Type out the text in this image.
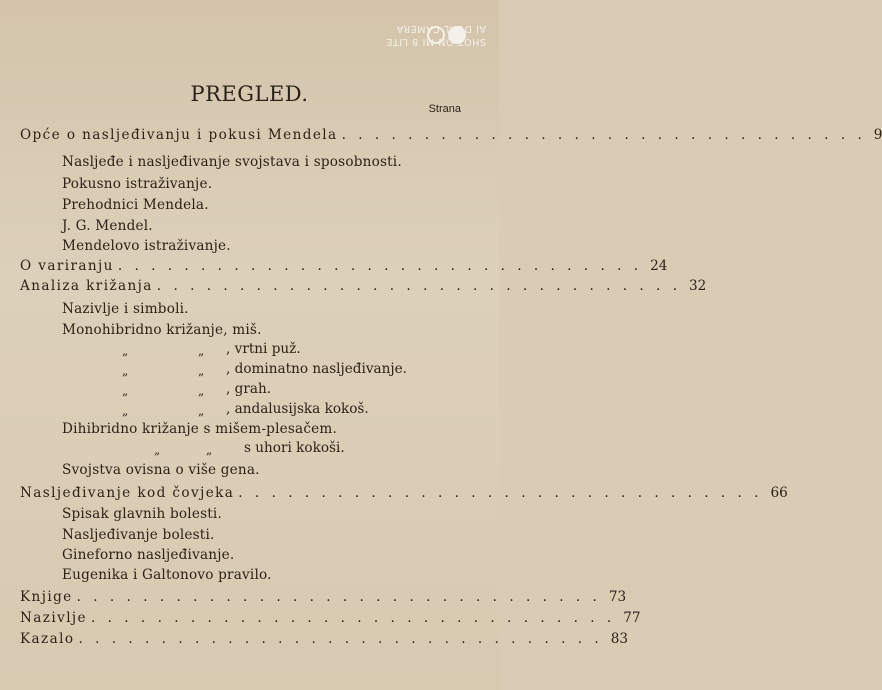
SHOT ON MI 8 LITE
AI DUAL CAMERA
PREGLED.
Strana
Opće o nasljeđivanju i pokusi Mendela . . . . . . . . . . . . . . . . . . . . . . . . . . . . . . . . 9
Nasljeđe i nasljeđivanje svojstava i sposobnosti.
Pokusno istraživanje.
Prehodnici Mendela.
J. G. Mendel.
Mendelovo istraživanje.
O variranju . . . . . . . . . . . . . . . . . . . . . . . . . . . . . . . . 24
Analiza križanja . . . . . . . . . . . . . . . . . . . . . . . . . . . . . . . . 32
Nazivlje i simboli.
Monohibridno križanje, miš.
„	„ , vrtni puž.
„	„ , dominatno nasljeđivanje.
„	„ , grah.
„	„ , andalusijska kokoš.
Dihibridno križanje s mišem-plesačem.
„	„ s uhori kokoši.
Svojstva ovisna o više gena.
Nasljeđivanje kod čovjeka . . . . . . . . . . . . . . . . . . . . . . . . . . . . . . . . 66
Spisak glavnih bolesti.
Nasljeđivanje bolesti.
Gineforno nasljeđivanje.
Eugenika i Galtonovo pravilo.
Knjige . . . . . . . . . . . . . . . . . . . . . . . . . . . . . . . . 73
Nazivlje . . . . . . . . . . . . . . . . . . . . . . . . . . . . . . . . 77
Kazalo . . . . . . . . . . . . . . . . . . . . . . . . . . . . . . . . 83
